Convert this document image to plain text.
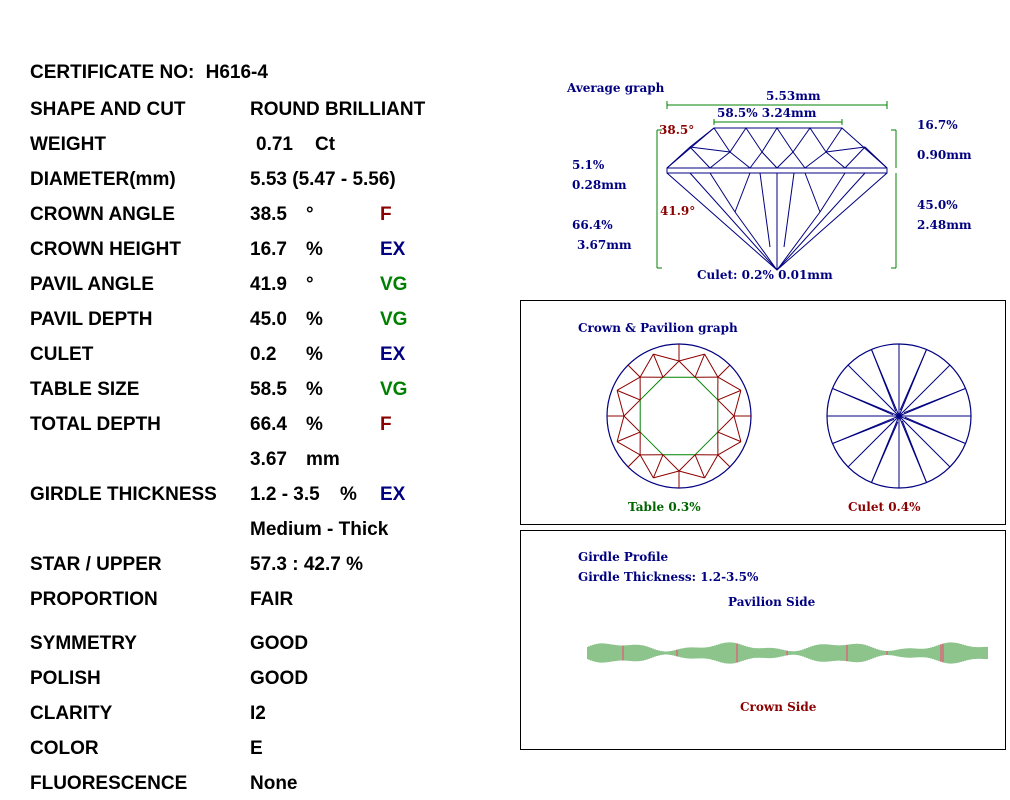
CERTIFICATE NO: H616-4
SHAPE AND CUT	ROUND BRILLIANT
WEIGHT	0.71 Ct
DIAMETER(mm)	5.53 (5.47 - 5.56)
CROWN ANGLE	38.5 °	F
CROWN HEIGHT	16.7 %	EX
PAVIL ANGLE	41.9 °	VG
PAVIL DEPTH	45.0 %	VG
CULET	0.2 %	EX
TABLE SIZE	58.5 %	VG
TOTAL DEPTH	66.4 %	F
3.67 mm
GIRDLE THICKNESS 1.2 - 3.5 % EX
Medium - Thick
STAR / UPPER	57.3 : 42.7 %
PROPORTION	FAIR
SYMMETRY	GOOD
POLISH	GOOD
CLARITY	I2
COLOR	E
FLUORESCENCE	None
Average graph
5.53mm
58.5% 3.24mm
38.5°
5.1%
0.28mm
41.9°
66.4%
3.67mm
16.7%
0.90mm
45.0%
2.48mm
Culet: 0.2% 0.01mm
Crown & Pavilion graph
Table 0.3%	Culet 0.4%
Girdle Profile
Girdle Thickness: 1.2-3.5%
Pavilion Side
Crown Side
